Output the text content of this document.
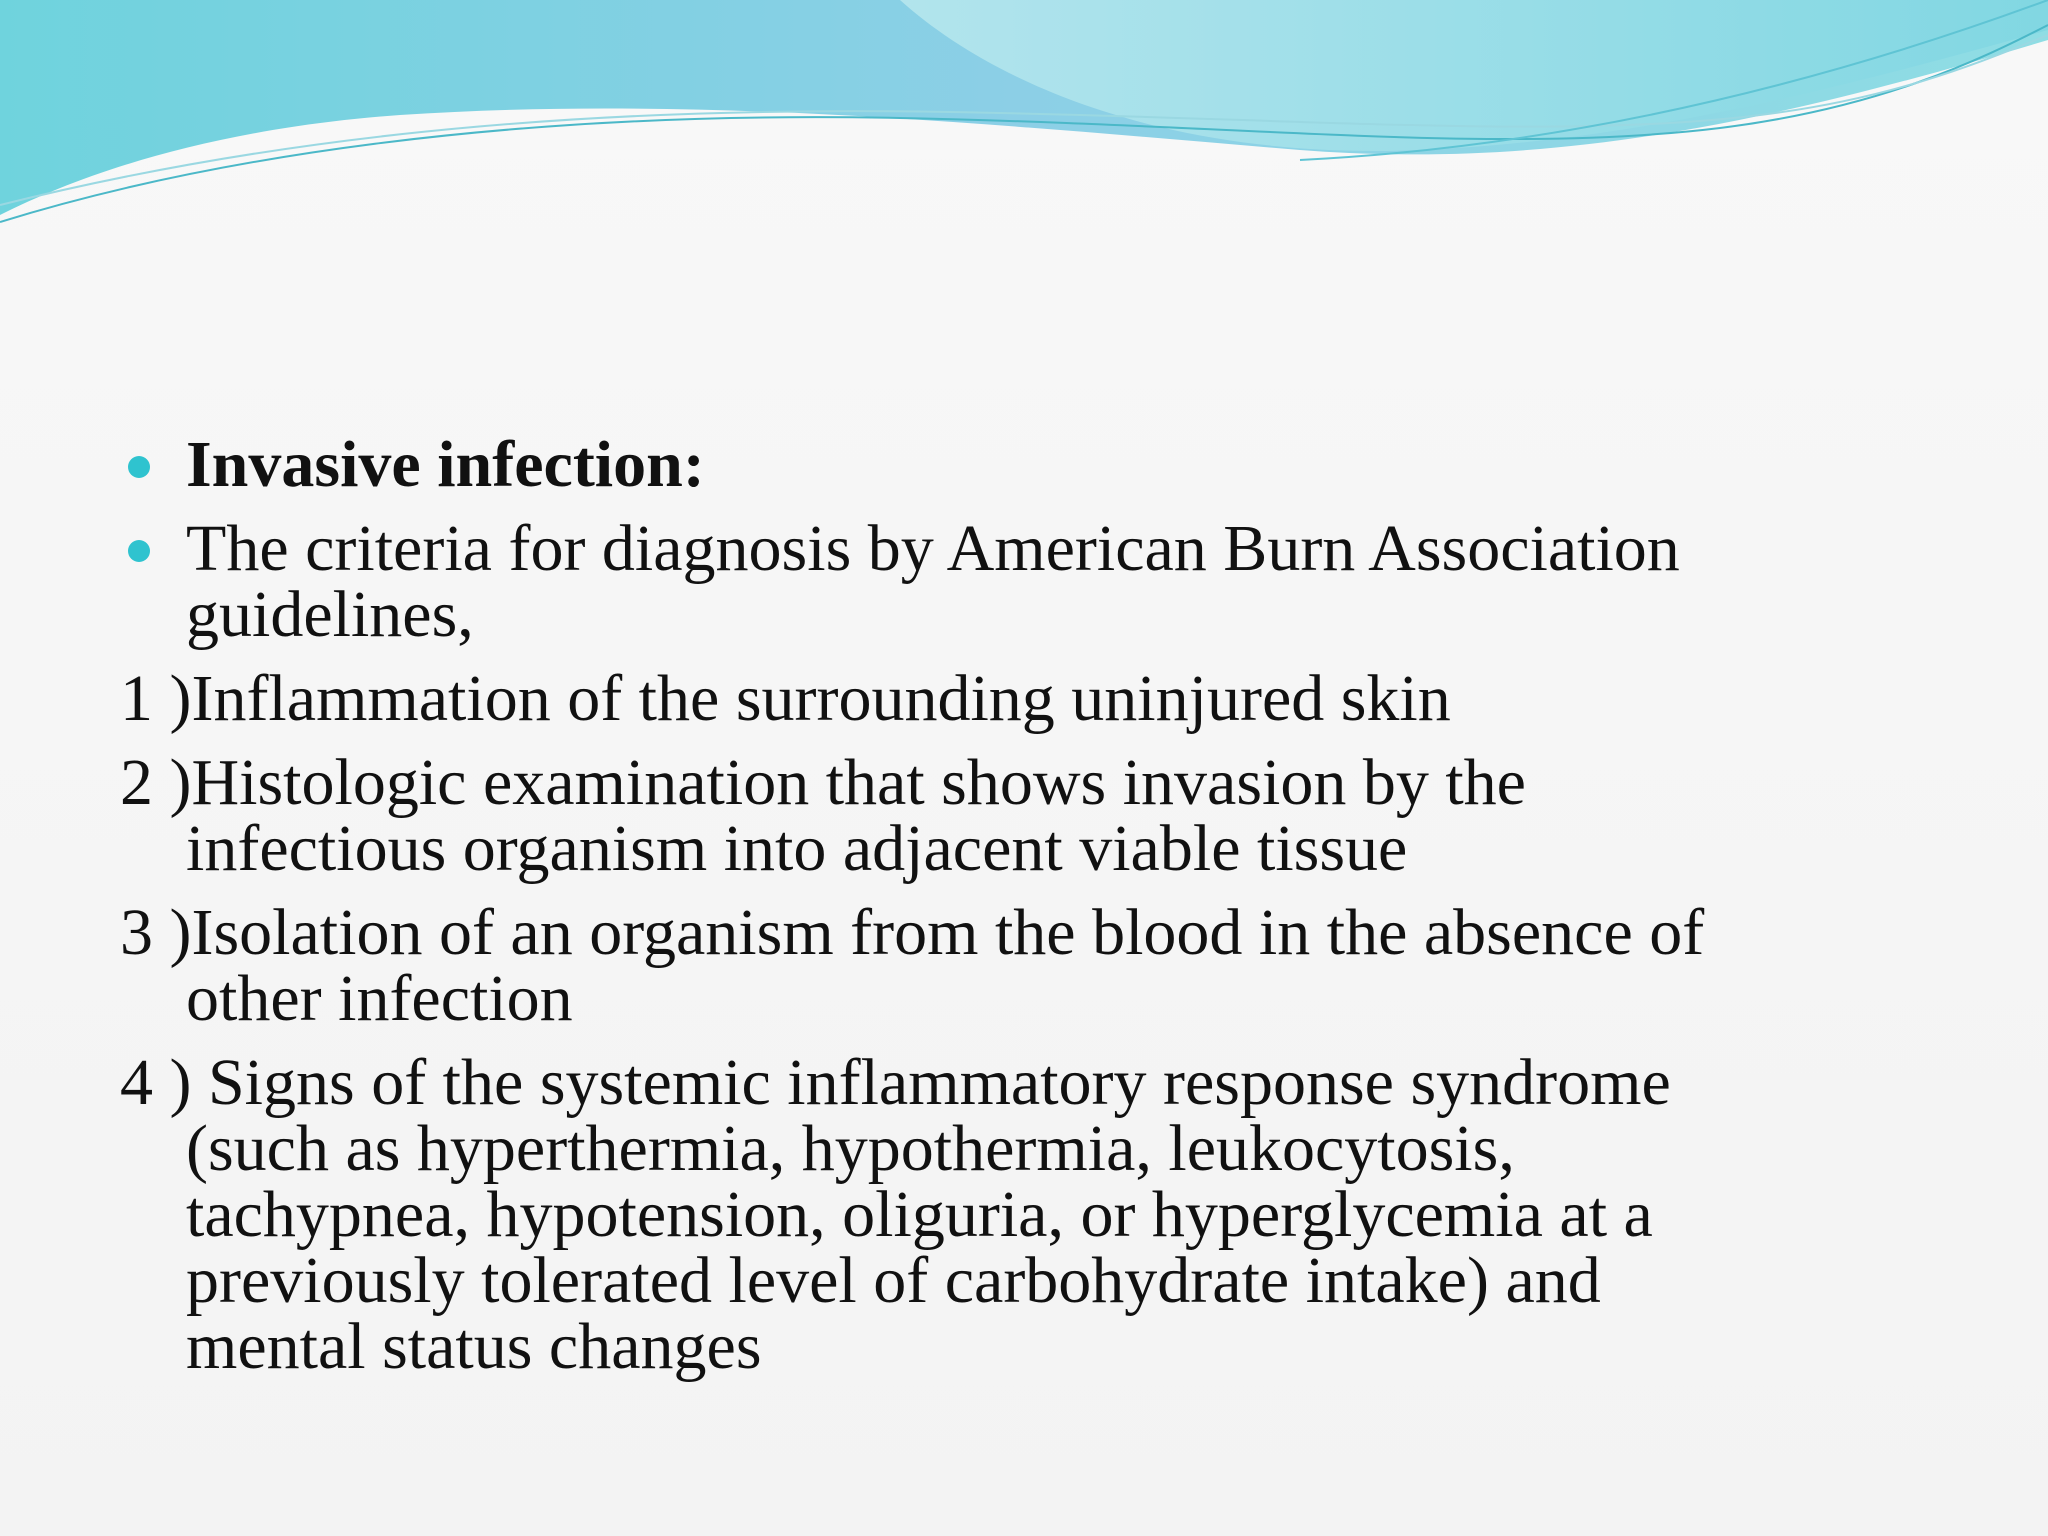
Invasive infection:
The criteria for diagnosis by American Burn Association
guidelines,
1 )Inflammation of the surrounding uninjured skin
2 )Histologic examination that shows invasion by the
infectious organism into adjacent viable tissue
3 )Isolation of an organism from the blood in the absence of
other infection
4 ) Signs of the systemic inflammatory response syndrome
(such as hyperthermia, hypothermia, leukocytosis,
tachypnea, hypotension, oliguria, or hyperglycemia at a
previously tolerated level of carbohydrate intake) and
mental status changes
